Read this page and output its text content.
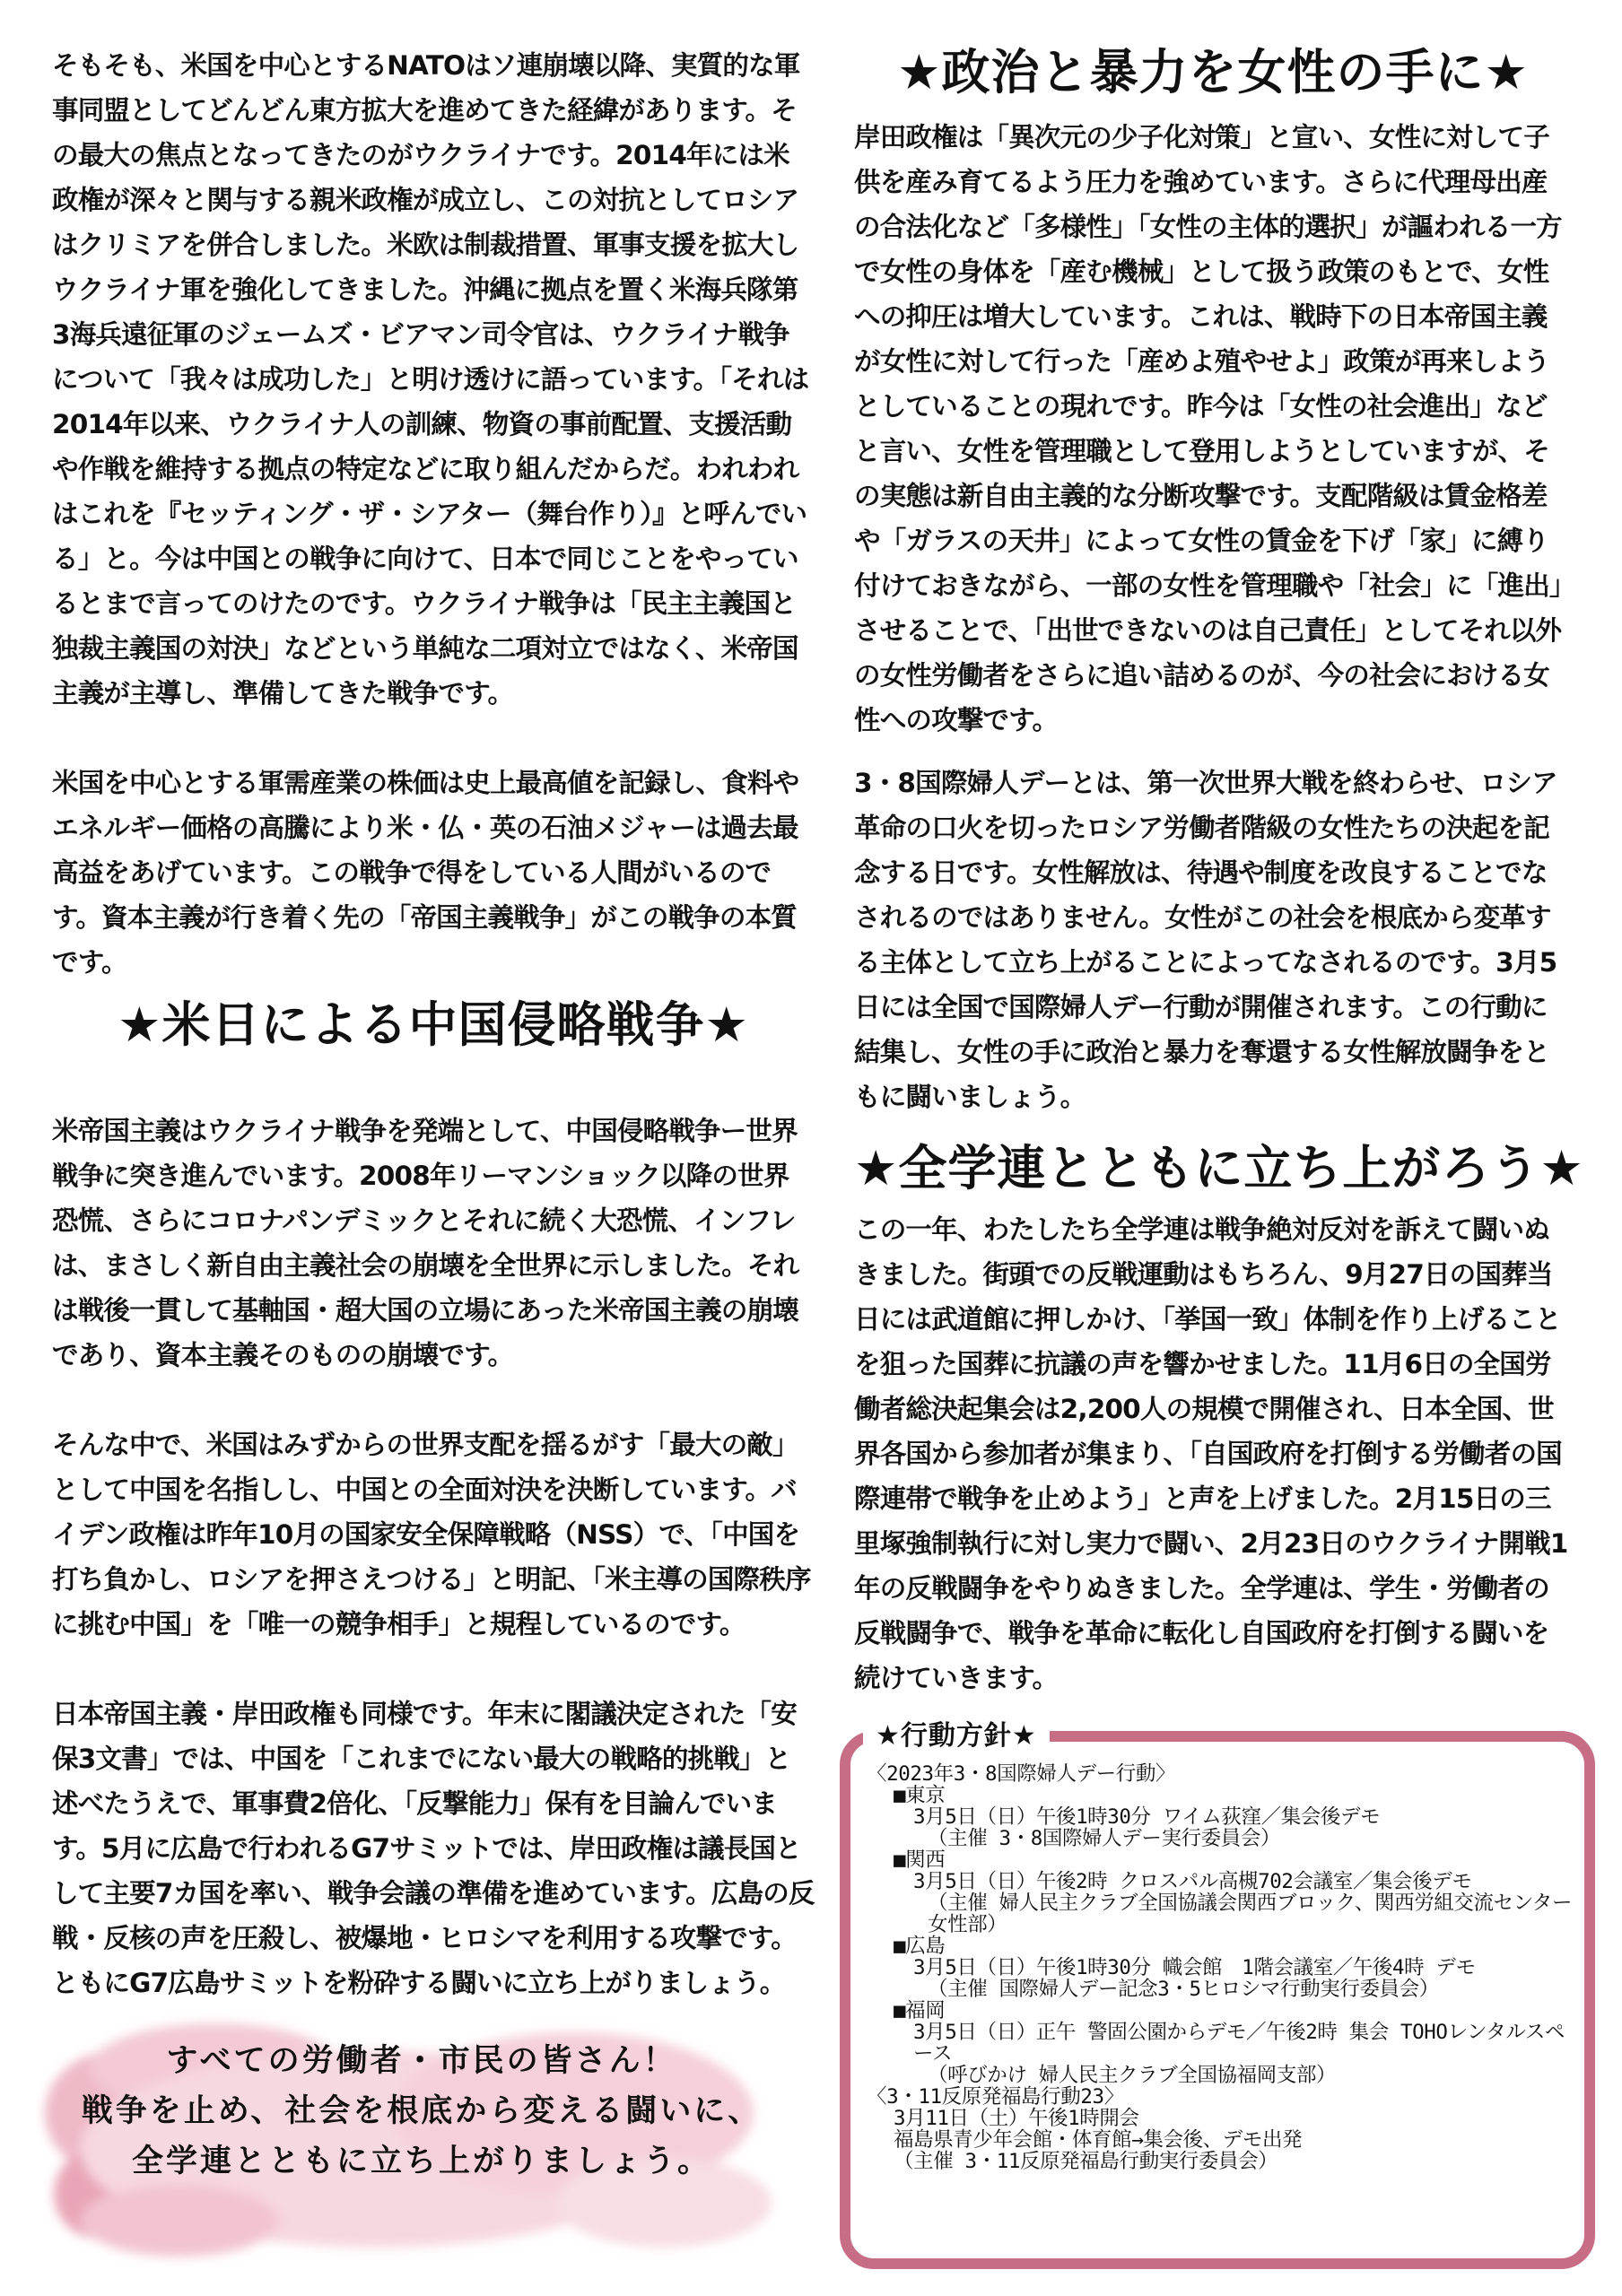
そもそも、米国を中心とするNATOはソ連崩壊以降、実質的な軍事同盟としてどんどん東方拡大を進めてきた経緯があります。その最大の焦点となってきたのがウクライナです。2014年には米政権が深々と関与する親米政権が成立し、この対抗としてロシアはクリミアを併合しました。米欧は制裁措置、軍事支援を拡大しウクライナ軍を強化してきました。沖縄に拠点を置く米海兵隊第3海兵遠征軍のジェームズ・ビアマン司令官は、ウクライナ戦争について「我々は成功した」と明け透けに語っています。「それは2014年以来、ウクライナ人の訓練、物資の事前配置、支援活動や作戦を維持する拠点の特定などに取り組んだからだ。われわれはこれを『セッティング・ザ・シアター（舞台作り）』と呼んでいる」と。今は中国との戦争に向けて、日本で同じことをやっているとまで言ってのけたのです。ウクライナ戦争は「民主主義国と独裁主義国の対決」などという単純な二項対立ではなく、米帝国主義が主導し、準備してきた戦争です。

米国を中心とする軍需産業の株価は史上最高値を記録し、食料やエネルギー価格の高騰により米・仏・英の石油メジャーは過去最高益をあげています。この戦争で得をしている人間がいるのです。資本主義が行き着く先の「帝国主義戦争」がこの戦争の本質です。

★米日による中国侵略戦争★

米帝国主義はウクライナ戦争を発端として、中国侵略戦争ー世界戦争に突き進んでいます。2008年リーマンショック以降の世界恐慌、さらにコロナパンデミックとそれに続く大恐慌、インフレは、まさしく新自由主義社会の崩壊を全世界に示しました。それは戦後一貫して基軸国・超大国の立場にあった米帝国主義の崩壊であり、資本主義そのものの崩壊です。

そんな中で、米国はみずからの世界支配を揺るがす「最大の敵」として中国を名指しし、中国との全面対決を決断しています。バイデン政権は昨年10月の国家安全保障戦略（NSS）で、「中国を打ち負かし、ロシアを押さえつける」と明記、「米主導の国際秩序に挑む中国」を「唯一の競争相手」と規程しているのです。

日本帝国主義・岸田政権も同様です。年末に閣議決定された「安保3文書」では、中国を「これまでにない最大の戦略的挑戦」と述べたうえで、軍事費2倍化、「反撃能力」保有を目論んでいます。5月に広島で行われるG7サミットでは、岸田政権は議長国として主要7カ国を率い、戦争会議の準備を進めています。広島の反戦・反核の声を圧殺し、被爆地・ヒロシマを利用する攻撃です。ともにG7広島サミットを粉砕する闘いに立ち上がりましょう。

すべての労働者・市民の皆さん！
戦争を止め、社会を根底から変える闘いに、
全学連とともに立ち上がりましょう。
★政治と暴力を女性の手に★

岸田政権は「異次元の少子化対策」と宣い、女性に対して子供を産み育てるよう圧力を強めています。さらに代理母出産の合法化など「多様性」「女性の主体的選択」が謳われる一方で女性の身体を「産む機械」として扱う政策のもとで、女性への抑圧は増大しています。これは、戦時下の日本帝国主義が女性に対して行った「産めよ殖やせよ」政策が再来しようとしていることの現れです。昨今は「女性の社会進出」などと言い、女性を管理職として登用しようとしていますが、その実態は新自由主義的な分断攻撃です。支配階級は賃金格差や「ガラスの天井」によって女性の賃金を下げ「家」に縛り付けておきながら、一部の女性を管理職や「社会」に「進出」させることで、「出世できないのは自己責任」としてそれ以外の女性労働者をさらに追い詰めるのが、今の社会における女性への攻撃です。

3・8国際婦人デーとは、第一次世界大戦を終わらせ、ロシア革命の口火を切ったロシア労働者階級の女性たちの決起を記念する日です。女性解放は、待遇や制度を改良することでなされるのではありません。女性がこの社会を根底から変革する主体として立ち上がることによってなされるのです。3月5日には全国で国際婦人デー行動が開催されます。この行動に結集し、女性の手に政治と暴力を奪還する女性解放闘争をともに闘いましょう。

★全学連とともに立ち上がろう★

この一年、わたしたち全学連は戦争絶対反対を訴えて闘いぬきました。街頭での反戦運動はもちろん、9月27日の国葬当日には武道館に押しかけ、「挙国一致」体制を作り上げることを狙った国葬に抗議の声を響かせました。11月6日の全国労働者総決起集会は2,200人の規模で開催され、日本全国、世界各国から参加者が集まり、「自国政府を打倒する労働者の国際連帯で戦争を止めよう」と声を上げました。2月15日の三里塚強制執行に対し実力で闘い、2月23日のウクライナ開戦1年の反戦闘争をやりぬきました。全学連は、学生・労働者の反戦闘争で、戦争を革命に転化し自国政府を打倒する闘いを続けていきます。

★行動方針★
〈2023年3・8国際婦人デー行動〉
■東京
3月5日（日）午後1時30分 ワイム荻窪／集会後デモ
（主催 3・8国際婦人デー実行委員会）
■関西
3月5日（日）午後2時 クロスパル高槻702会議室／集会後デモ
（主催 婦人民主クラブ全国協議会関西ブロック、関西労組交流センター女性部）
■広島
3月5日（日）午後1時30分 幟会館　1階会議室／午後4時 デモ
（主催 国際婦人デー記念3・5ヒロシマ行動実行委員会）
■福岡
3月5日（日）正午 警固公園からデモ／午後2時 集会 TOHOレンタルスペース
（呼びかけ 婦人民主クラブ全国協福岡支部）
〈3・11反原発福島行動23〉
3月11日（土）午後1時開会
福島県青少年会館・体育館→集会後、デモ出発
（主催 3・11反原発福島行動実行委員会）
